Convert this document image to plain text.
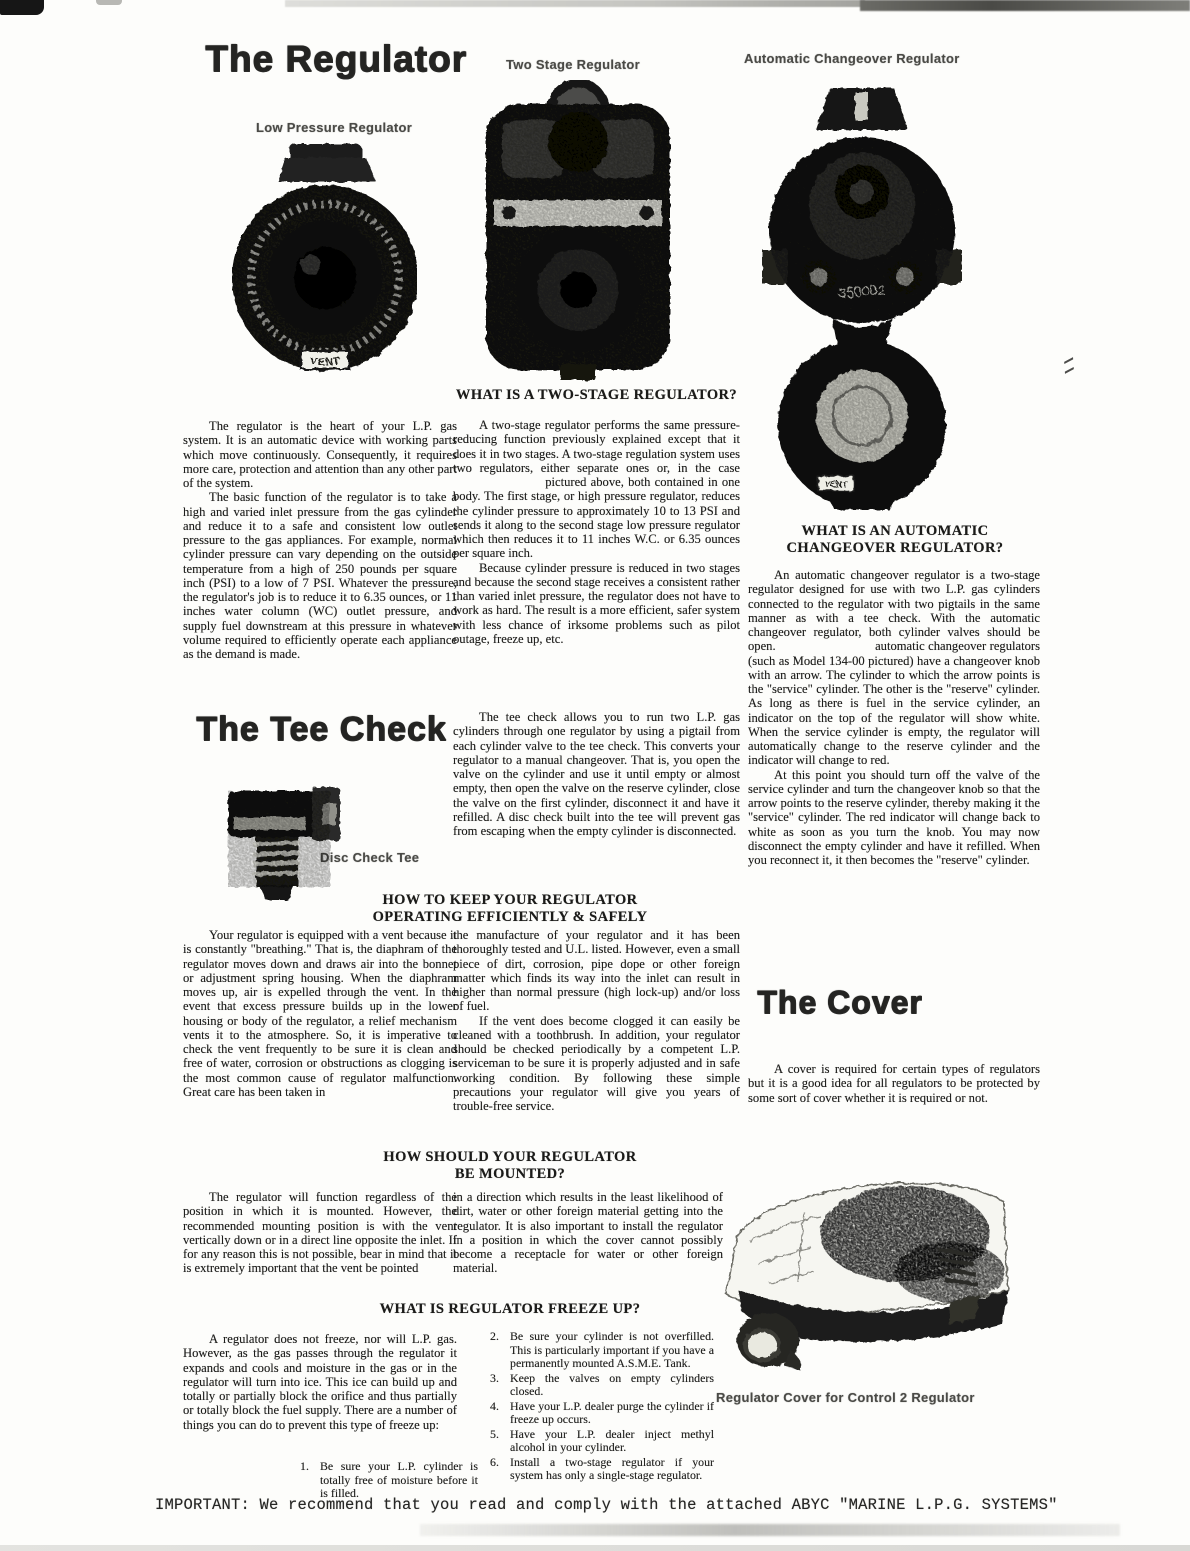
The Regulator
The Tee Check
The Cover
Low Pressure Regulator
Two Stage Regulator	Automatic Changeover Regulator
Disc Check Tee
Regulator Cover for Control 2 Regulator
VENT
350002
VENT

The regulator is the heart of your L.P. gas system. It is an automatic device with working parts which move continuously. Consequently, it requires more care, protection and attention than any other part of the system.

The basic function of the regulator is to take a high and varied inlet pressure from the gas cylinder and reduce it to a safe and consistent low outlet pressure to the gas appliances. For example, normal cylinder pressure can vary depending on the outside temperature from a high of 250 pounds per square inch (PSI) to a low of 7 PSI. Whatever the pressure, the regulator's job is to reduce it to 6.35 ounces, or 11 inches water column (WC) outlet pressure, and supply fuel downstream at this pressure in whatever volume required to efficiently operate each appliance as the demand is made.

WHAT IS A TWO-STAGE REGULATOR?

A two-stage regulator performs the same pressure-reducing function previously explained except that it does it in two stages. A two-stage regulation system uses two regulators, either separate ones or, in the case pictured above, both contained in one body. The first stage, or high pressure regulator, reduces the cylinder pressure to approximately 10 to 13 PSI and sends it along to the second stage low pressure regulator which then reduces it to 11 inches W.C. or 6.35 ounces per square inch.

Because cylinder pressure is reduced in two stages and because the second stage receives a consistent rather than varied inlet pressure, the regulator does not have to work as hard. The result is a more efficient, safer system with less chance of irksome problems such as pilot outage, freeze up, etc.

The tee check allows you to run two L.P. gas cylinders through one regulator by using a pigtail from each cylinder valve to the tee check. This converts your regulator to a manual changeover. That is, you open the valve on the cylinder and use it until empty or almost empty, then open the valve on the reserve cylinder, close the valve on the first cylinder, disconnect it and have it refilled. A disc check built into the tee will prevent gas from escaping when the empty cylinder is disconnected.

WHAT IS AN AUTOMATIC
CHANGEOVER REGULATOR?

An automatic changeover regulator is a two-stage regulator designed for use with two L.P. gas cylinders connected to the regulator with two pigtails in the same manner as with a tee check. With the automatic changeover regulator, both cylinder valves should be open.	automatic changeover regulators (such as Model 134-00 pictured) have a changeover knob with an arrow. The cylinder to which the arrow points is the "service" cylinder. The other is the "reserve" cylinder. As long as there is fuel in the service cylinder, an indicator on the top of the regulator will show white. When the service cylinder is empty, the regulator will automatically change to the reserve cylinder and the indicator will change to red.

At this point you should turn off the valve of the service cylinder and turn the changeover knob so that the arrow points to the reserve cylinder, thereby making it the "service" cylinder. The red indicator will change back to white as soon as you turn the knob. You may now disconnect the empty cylinder and have it refilled. When you reconnect it, it then becomes the "reserve" cylinder.

HOW TO KEEP YOUR REGULATOR
OPERATING EFFICIENTLY & SAFELY

Your regulator is equipped with a vent because it is constantly "breathing." That is, the diaphram of the regulator moves down and draws air into the bonnet or adjustment spring housing. When the diaphram moves up, air is expelled through the vent. In the event that excess pressure builds up in the lower housing or body of the regulator, a relief mechanism vents it to the atmosphere. So, it is imperative to check the vent frequently to be sure it is clean and free of water, corrosion or obstructions as clogging is the most common cause of regulator malfunction. Great care has been taken in

the manufacture of your regulator and it has been thoroughly tested and U.L. listed. However, even a small piece of dirt, corrosion, pipe dope or other foreign matter which finds its way into the inlet can result in higher than normal pressure (high lock-up) and/or loss of fuel.

If the vent does become clogged it can easily be cleaned with a toothbrush. In addition, your regulator should be checked periodically by a competent L.P. serviceman to be sure it is properly adjusted and in safe working condition. By following these simple precautions your regulator will give you years of trouble-free service.

A cover is required for certain types of regulators but it is a good idea for all regulators to be protected by some sort of cover whether it is required or not.

HOW SHOULD YOUR REGULATOR
BE MOUNTED?

The regulator will function regardless of the position in which it is mounted. However, the recommended mounting position is with the vent vertically down or in a direct line opposite the inlet. If for any reason this is not possible, bear in mind that it is extremely important that the vent be pointed

in a direction which results in the least likelihood of dirt, water or other foreign material getting into the regulator. It is also important to install the regulator in a position in which the cover cannot possibly become a receptacle for water or other foreign material.

WHAT IS REGULATOR FREEZE UP?

A regulator does not freeze, nor will L.P. gas. However, as the gas passes through the regulator it expands and cools and moisture in the gas or in the regulator will turn into ice. This ice can build up and totally or partially block the orifice and thus partially or totally block the fuel supply. There are a number of things you can do to prevent this type of freeze up:

1. Be sure your L.P. cylinder is totally free of moisture before it is filled.
2. Be sure your cylinder is not overfilled. This is particularly important if you have a permanently mounted A.S.M.E. Tank.
3. Keep the valves on empty cylinders closed.
4. Have your L.P. dealer purge the cylinder if freeze up occurs.
5. Have your L.P. dealer inject methyl alcohol in your cylinder.
6. Install a two-stage regulator if your system has only a single-stage regulator.
IMPORTANT: We recommend that you read and comply with the attached ABYC "MARINE L.P.G. SYSTEMS"
